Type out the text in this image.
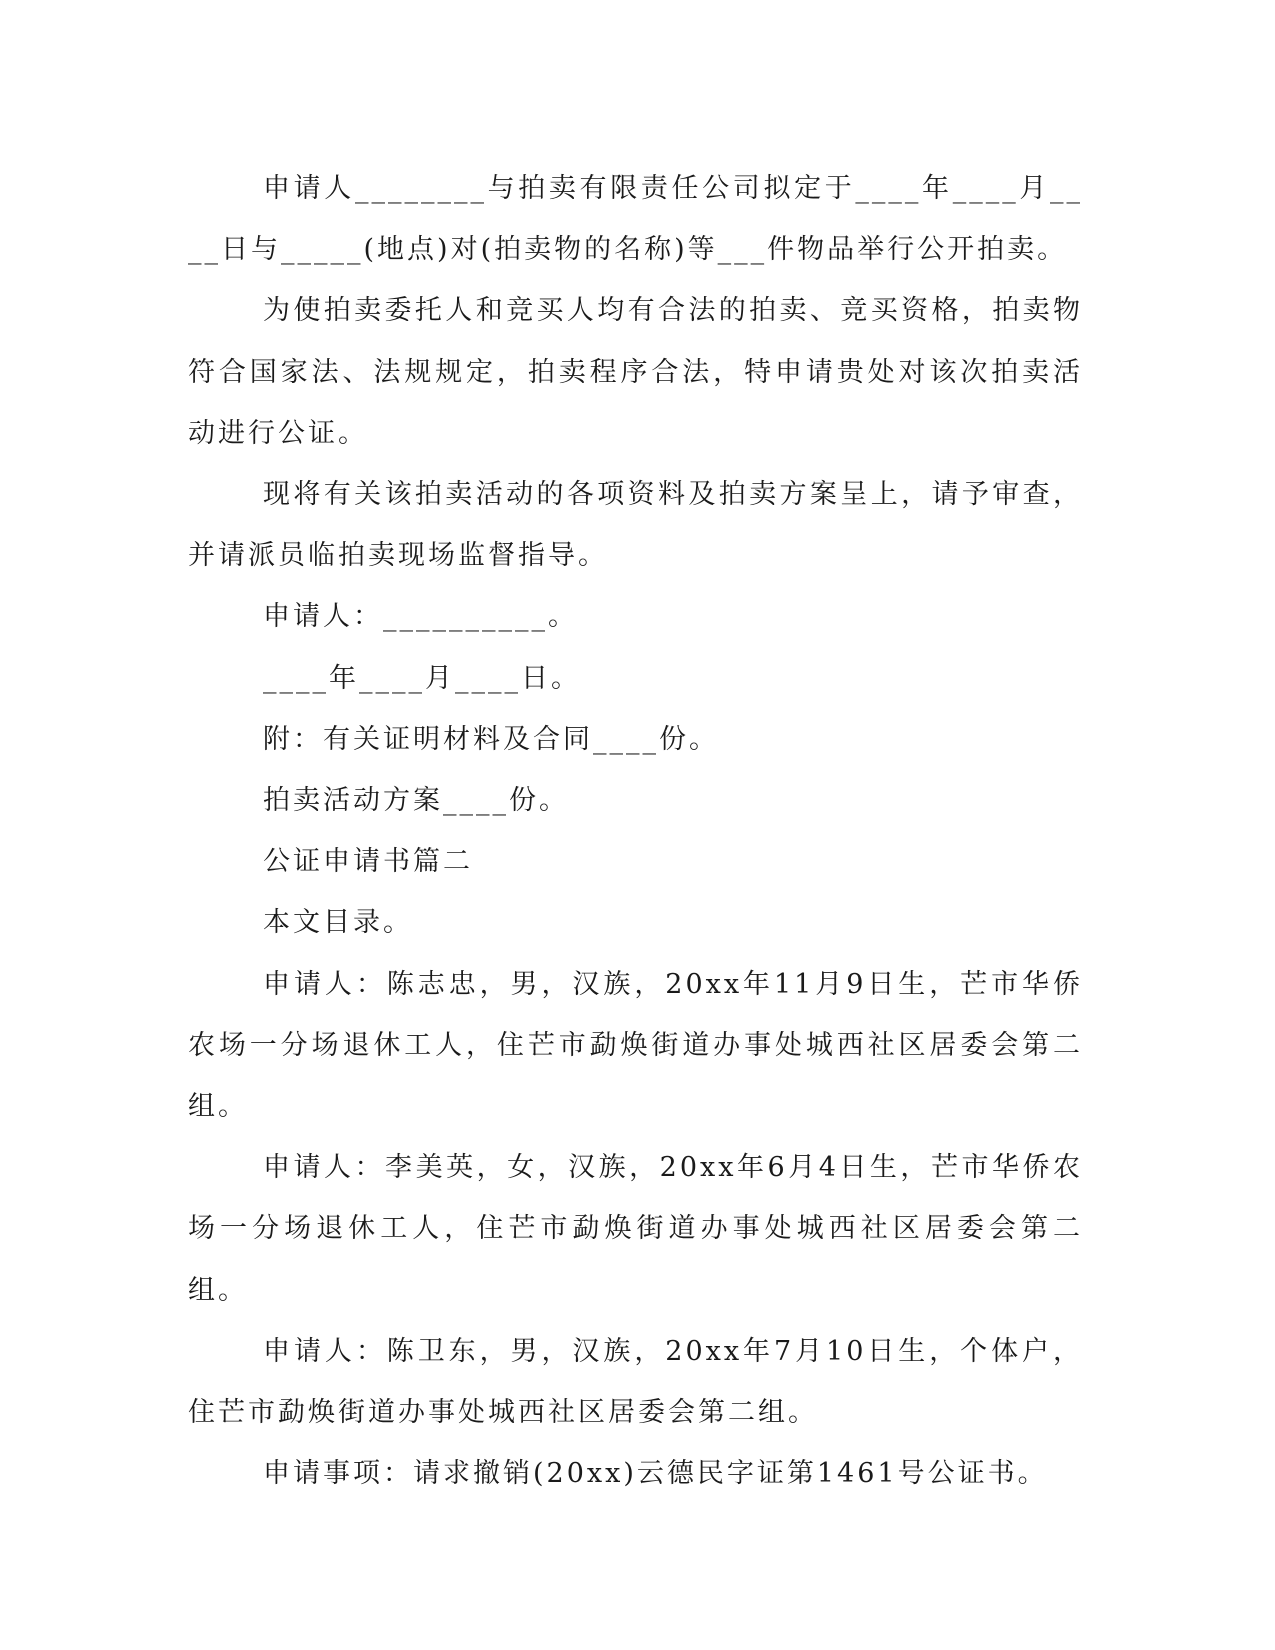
申请人________与拍卖有限责任公司拟定于____年____月____日与_____(地点)对(拍卖物的名称)等___件物品举行公开拍卖。

为使拍卖委托人和竞买人均有合法的拍卖、竞买资格，拍卖物符合国家法、法规规定，拍卖程序合法，特申请贵处对该次拍卖活动进行公证。

现将有关该拍卖活动的各项资料及拍卖方案呈上，请予审查，并请派员临拍卖现场监督指导。

申请人：__________。

____年____月____日。

附：有关证明材料及合同____份。

拍卖活动方案____份。

公证申请书篇二

本文目录。

申请人：陈志忠，男，汉族，20xx年11月9日生，芒市华侨农场一分场退休工人，住芒市勐焕街道办事处城西社区居委会第二组。

申请人：李美英，女，汉族，20xx年6月4日生，芒市华侨农场一分场退休工人，住芒市勐焕街道办事处城西社区居委会第二组。

申请人：陈卫东，男，汉族，20xx年7月10日生，个体户，住芒市勐焕街道办事处城西社区居委会第二组。

申请事项：请求撤销(20xx)云德民字证第1461号公证书。
